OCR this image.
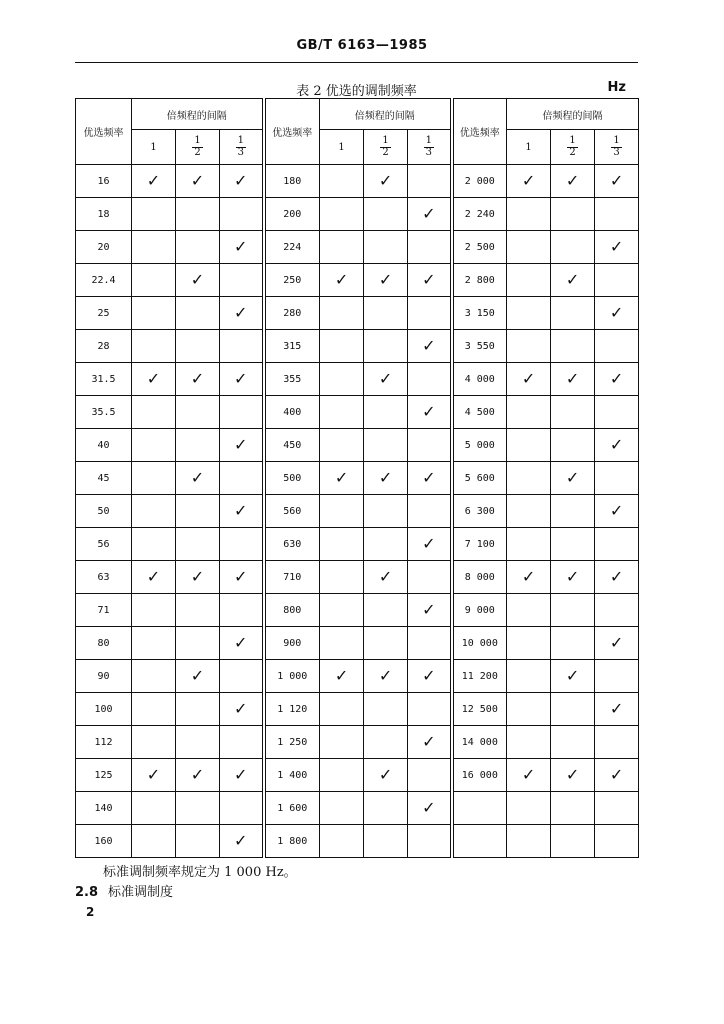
GB/T 6163—1985
表 2 优选的调制频率	Hz
优选频率	倍频程的间隔			优选频率	倍频程的间隔			优选频率	倍频程的间隔		
	1	$\frac{1}{2}$	$\frac{1}{3}$		1	$\frac{1}{2}$	$\frac{1}{3}$		1	$\frac{1}{2}$	$\frac{1}{3}$

16	✓	✓	✓	180		✓		2 000	✓	✓	✓
18				200			✓	2 240			
20			✓	224				2 500			✓
22.4		✓		250	✓	✓	✓	2 800		✓	
25			✓	280				3 150			✓
28				315			✓	3 550			
31.5	✓	✓	✓	355		✓		4 000	✓	✓	✓
35.5				400			✓	4 500			
40			✓	450				5 000			✓
45		✓		500	✓	✓	✓	5 600		✓	
50			✓	560				6 300			✓
56				630			✓	7 100			
63	✓	✓	✓	710		✓		8 000	✓	✓	✓
71				800			✓	9 000			
80			✓	900				10 000			✓
90		✓		1 000	✓	✓	✓	11 200		✓	
100			✓	1 120				12 500			✓
112				1 250			✓	14 000			
125	✓	✓	✓	1 400		✓		16 000	✓	✓	✓
140				1 600			✓				
160			✓	1 800							
标准调制频率规定为 1 000 Hz。
2.8 标准调制度
2
